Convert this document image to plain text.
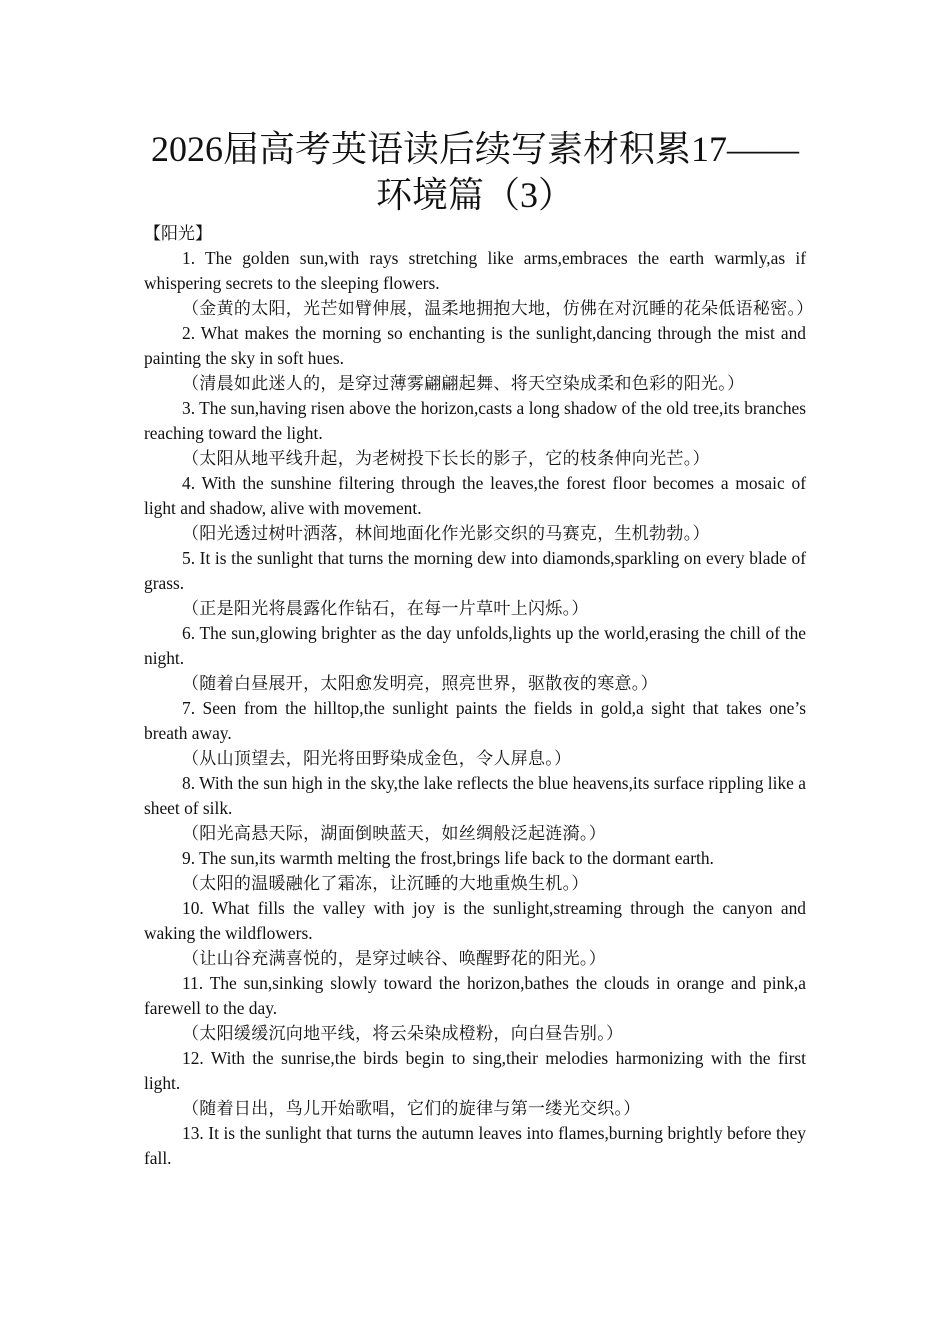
2026届高考英语读后续写素材积累17——
环境篇（3）

【阳光】

1. The golden sun,with rays stretching like arms,embraces the earth warmly,as if whispering secrets to the sleeping flowers.

（金黄的太阳，光芒如臂伸展，温柔地拥抱大地，仿佛在对沉睡的花朵低语秘密。）

2. What makes the morning so enchanting is the sunlight,dancing through the mist and painting the sky in soft hues.

（清晨如此迷人的，是穿过薄雾翩翩起舞、将天空染成柔和色彩的阳光。）

3. The sun,having risen above the horizon,casts a long shadow of the old tree,its branches reaching toward the light.

（太阳从地平线升起，为老树投下长长的影子，它的枝条伸向光芒。）

4. With the sunshine filtering through the leaves,the forest floor becomes a mosaic of light and shadow, alive with movement.

（阳光透过树叶洒落，林间地面化作光影交织的马赛克，生机勃勃。）

5. It is the sunlight that turns the morning dew into diamonds,sparkling on every blade of grass.

（正是阳光将晨露化作钻石，在每一片草叶上闪烁。）

6. The sun,glowing brighter as the day unfolds,lights up the world,erasing the chill of the night.

（随着白昼展开，太阳愈发明亮，照亮世界，驱散夜的寒意。）

7. Seen from the hilltop,the sunlight paints the fields in gold,a sight that takes one’s breath away.

（从山顶望去，阳光将田野染成金色，令人屏息。）

8. With the sun high in the sky,the lake reflects the blue heavens,its surface rippling like a sheet of silk.

（阳光高悬天际，湖面倒映蓝天，如丝绸般泛起涟漪。）

9. The sun,its warmth melting the frost,brings life back to the dormant earth.

（太阳的温暖融化了霜冻，让沉睡的大地重焕生机。）

10. What fills the valley with joy is the sunlight,streaming through the canyon and waking the wildflowers.

（让山谷充满喜悦的，是穿过峡谷、唤醒野花的阳光。）

11. The sun,sinking slowly toward the horizon,bathes the clouds in orange and pink,a farewell to the day.

（太阳缓缓沉向地平线，将云朵染成橙粉，向白昼告别。）

12. With the sunrise,the birds begin to sing,their melodies harmonizing with the first light.

（随着日出，鸟儿开始歌唱，它们的旋律与第一缕光交织。）

13. It is the sunlight that turns the autumn leaves into flames,burning brightly before they fall.
